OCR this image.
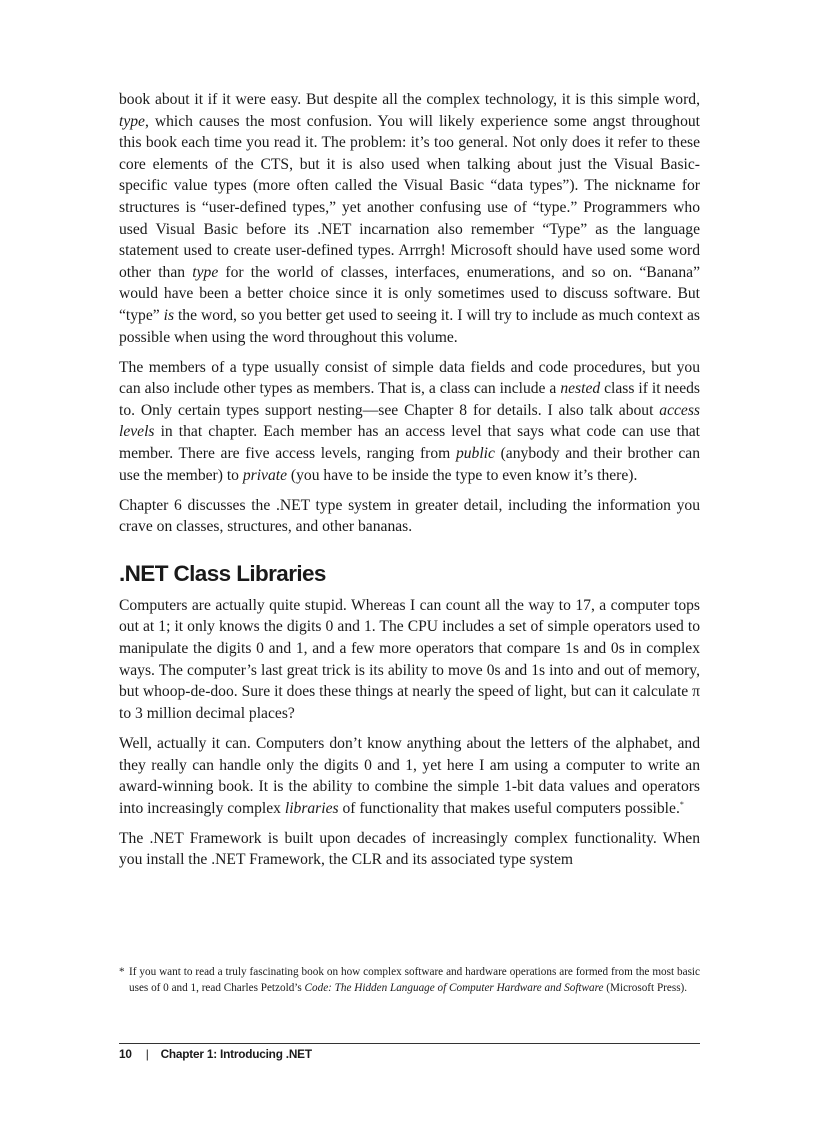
book about it if it were easy. But despite all the complex technology, it is this simple word, type, which causes the most confusion. You will likely experience some angst throughout this book each time you read it. The problem: it’s too general. Not only does it refer to these core elements of the CTS, but it is also used when talking about just the Visual Basic-specific value types (more often called the Visual Basic “data types”). The nickname for structures is “user-defined types,” yet another confusing use of “type.” Programmers who used Visual Basic before its .NET incarnation also remember “Type” as the language statement used to create user-defined types. Arrrgh! Microsoft should have used some word other than type for the world of classes, interfaces, enumerations, and so on. “Banana” would have been a better choice since it is only sometimes used to discuss software. But “type” is the word, so you better get used to seeing it. I will try to include as much context as possible when using the word throughout this volume.

The members of a type usually consist of simple data fields and code procedures, but you can also include other types as members. That is, a class can include a nested class if it needs to. Only certain types support nesting—see Chapter 8 for details. I also talk about access levels in that chapter. Each member has an access level that says what code can use that member. There are five access levels, ranging from public (anybody and their brother can use the member) to private (you have to be inside the type to even know it’s there).

Chapter 6 discusses the .NET type system in greater detail, including the information you crave on classes, structures, and other bananas.

.NET Class Libraries

Computers are actually quite stupid. Whereas I can count all the way to 17, a computer tops out at 1; it only knows the digits 0 and 1. The CPU includes a set of simple operators used to manipulate the digits 0 and 1, and a few more operators that compare 1s and 0s in complex ways. The computer’s last great trick is its ability to move 0s and 1s into and out of memory, but whoop-de-doo. Sure it does these things at nearly the speed of light, but can it calculate π to 3 million decimal places?

Well, actually it can. Computers don’t know anything about the letters of the alphabet, and they really can handle only the digits 0 and 1, yet here I am using a computer to write an award-winning book. It is the ability to combine the simple 1-bit data values and operators into increasingly complex libraries of functionality that makes useful computers possible.*

The .NET Framework is built upon decades of increasingly complex functionality. When you install the .NET Framework, the CLR and its associated type system

* If you want to read a truly fascinating book on how complex software and hardware operations are formed from the most basic uses of 0 and 1, read Charles Petzold’s Code: The Hidden Language of Computer Hardware and Software (Microsoft Press).
10 | Chapter 1: Introducing .NET
